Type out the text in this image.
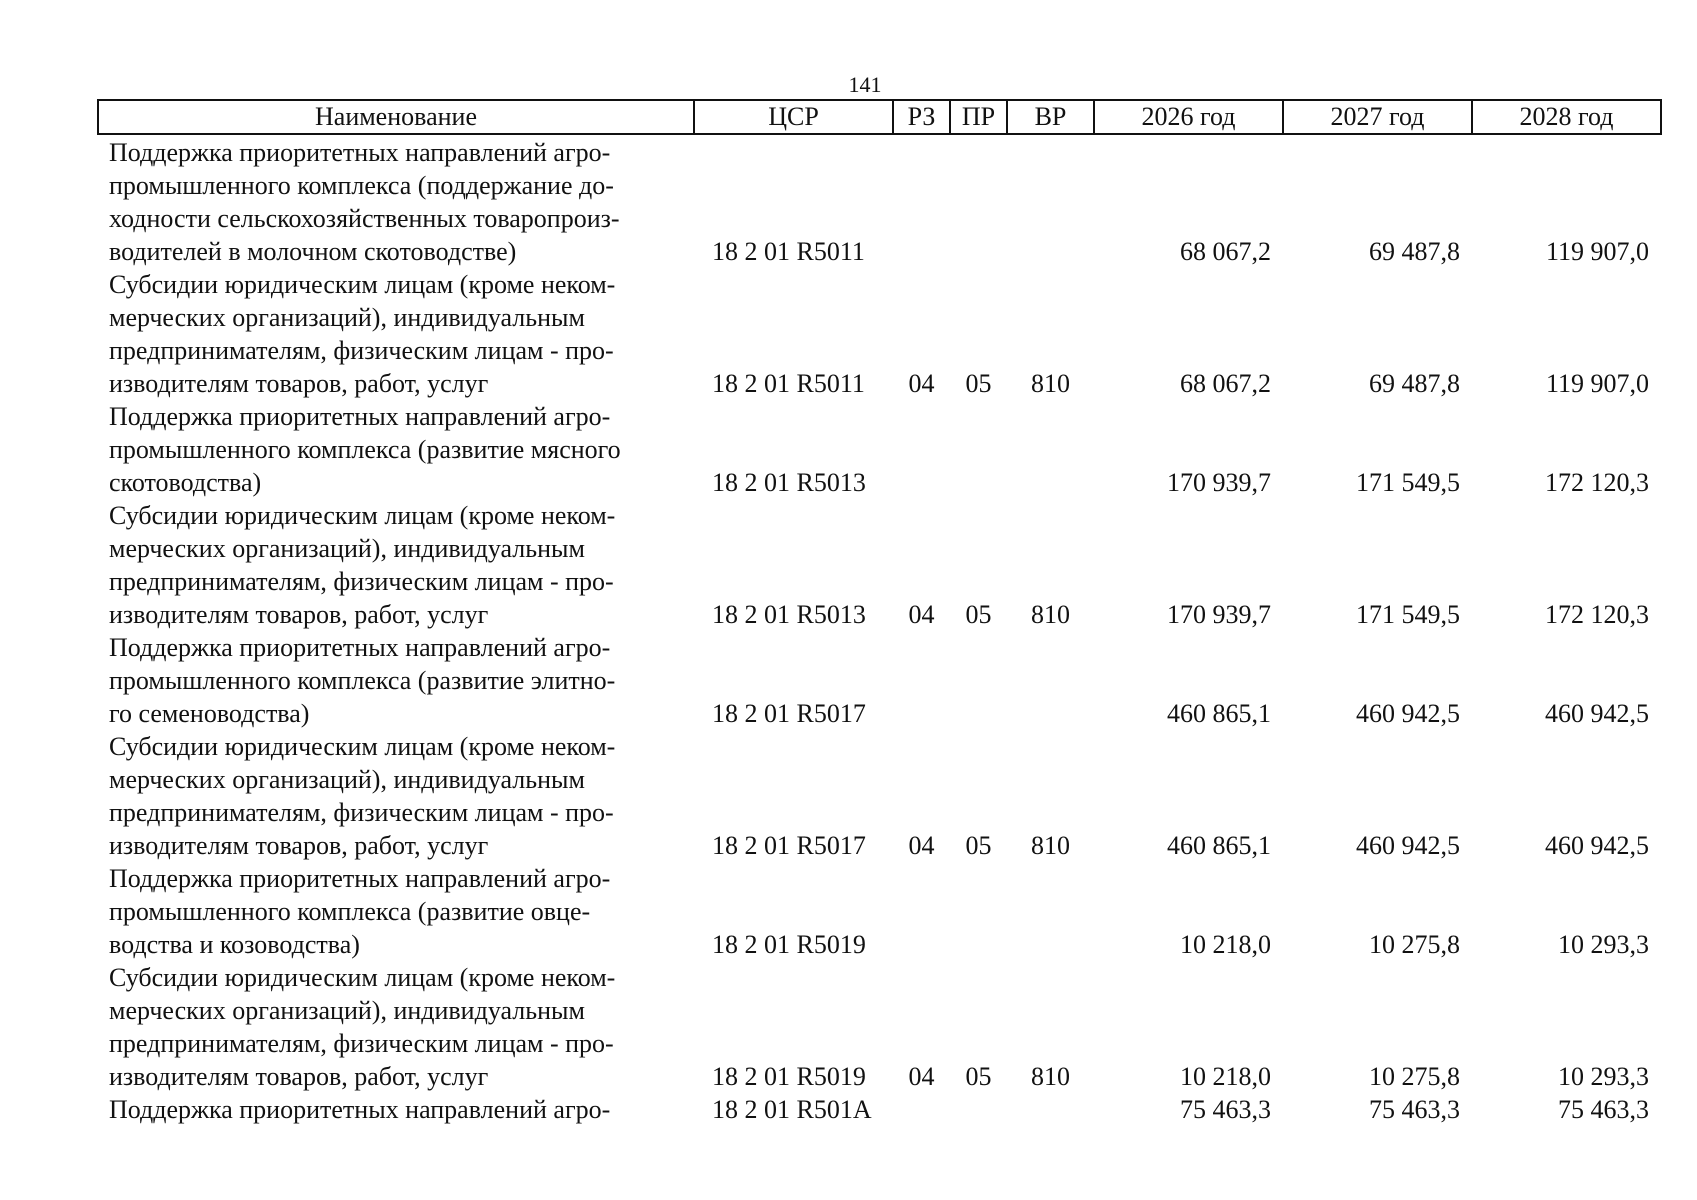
141
Наименование	ЦСР	РЗ	ПР	ВР	2026 год	2027 год	2028 год

Поддержка приоритетных направлений агро-
промышленного комплекса (поддержание до-
ходности сельскохозяйственных товаропроиз-
водителей в молочном скотоводстве)	18 2 01 R5011				68 067,2	69 487,8	119 907,0

Субсидии юридическим лицам (кроме неком-
мерческих организаций), индивидуальным
предпринимателям, физическим лицам - про-
изводителям товаров, работ, услуг	18 2 01 R5011	04	05	810	68 067,2	69 487,8	119 907,0

Поддержка приоритетных направлений агро-
промышленного комплекса (развитие мясного
скотоводства)	18 2 01 R5013				170 939,7	171 549,5	172 120,3

Субсидии юридическим лицам (кроме неком-
мерческих организаций), индивидуальным
предпринимателям, физическим лицам - про-
изводителям товаров, работ, услуг	18 2 01 R5013	04	05	810	170 939,7	171 549,5	172 120,3

Поддержка приоритетных направлений агро-
промышленного комплекса (развитие элитно-
го семеноводства)	18 2 01 R5017				460 865,1	460 942,5	460 942,5

Субсидии юридическим лицам (кроме неком-
мерческих организаций), индивидуальным
предпринимателям, физическим лицам - про-
изводителям товаров, работ, услуг	18 2 01 R5017	04	05	810	460 865,1	460 942,5	460 942,5

Поддержка приоритетных направлений агро-
промышленного комплекса (развитие овце-
водства и козоводства)	18 2 01 R5019				10 218,0	10 275,8	10 293,3

Субсидии юридическим лицам (кроме неком-
мерческих организаций), индивидуальным
предпринимателям, физическим лицам - про-
изводителям товаров, работ, услуг	18 2 01 R5019	04	05	810	10 218,0	10 275,8	10 293,3

Поддержка приоритетных направлений агро-	18 2 01 R501A				75 463,3	75 463,3	75 463,3
